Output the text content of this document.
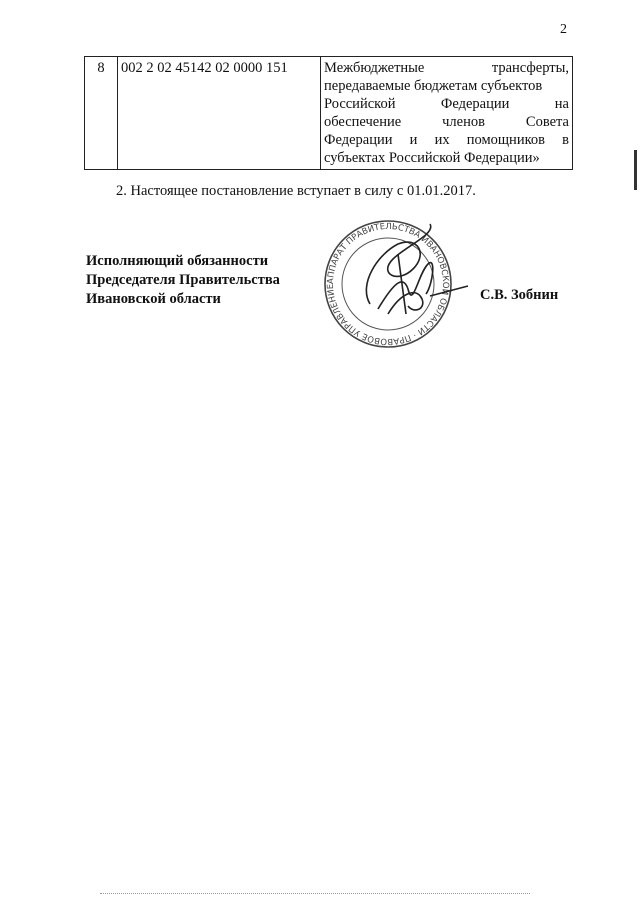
2
8	002 2 02 45142 02 0000 151	Межбюджетные	трансферты,
передаваемые бюджетам субъектов
Российской	Федерации	на
обеспечение	членов	Совета
Федерации и их помощников в
субъектах Российской Федерации»
2. Настоящее постановление вступает в силу с 01.01.2017.
Исполняющий обязанности
Председателя Правительства
Ивановской области
АППАРАТ ПРАВИТЕЛЬСТВА ИВАНОВСКОЙ ОБЛАСТИ · ПРАВОВОЕ УПРАВЛЕНИЕ
С.В. Зобнин
